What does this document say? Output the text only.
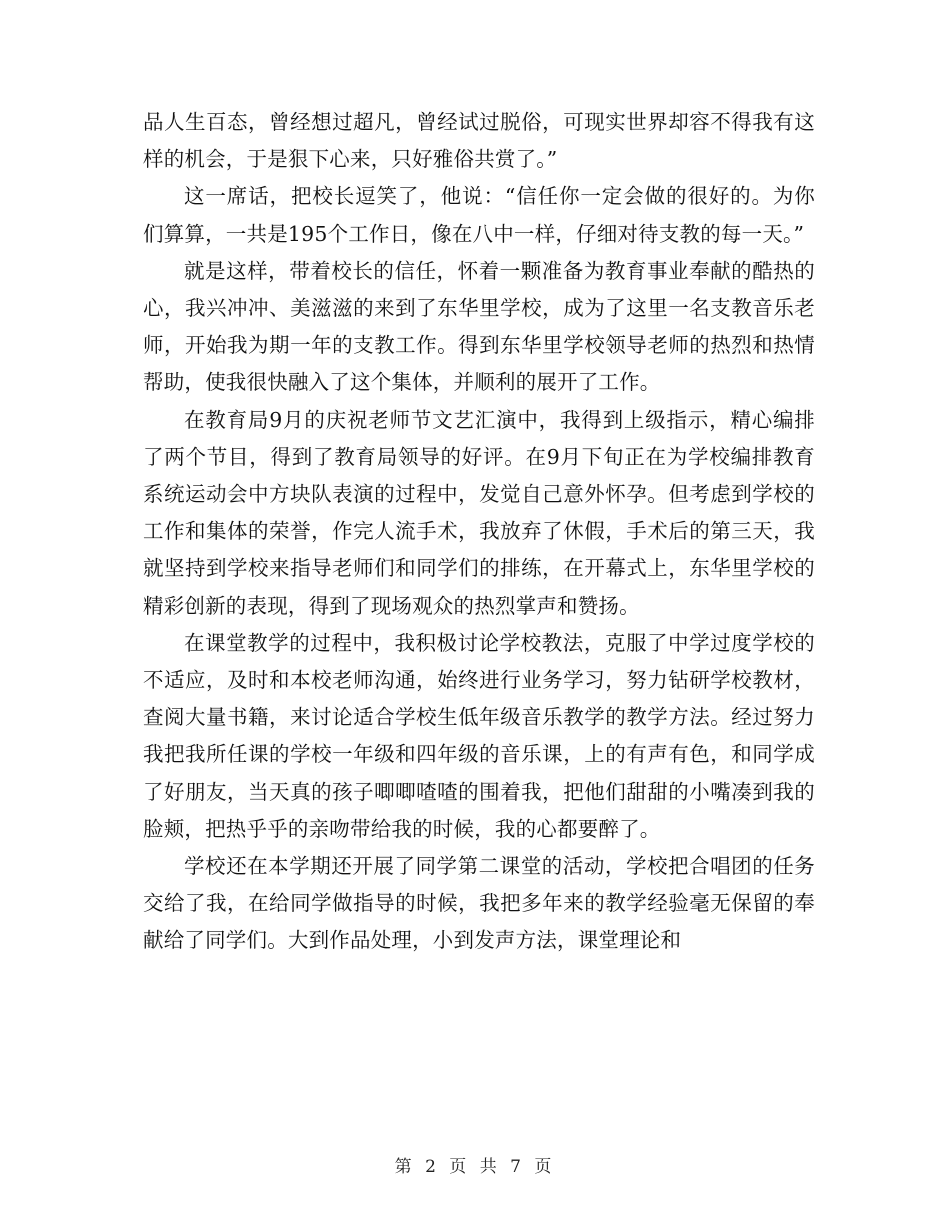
品人生百态，曾经想过超凡，曾经试过脱俗，可现实世界却容不得我有这样的机会，于是狠下心来，只好雅俗共赏了。”

这一席话，把校长逗笑了，他说：“信任你一定会做的很好的。为你们算算，一共是195个工作日，像在八中一样，仔细对待支教的每一天。”

就是这样，带着校长的信任，怀着一颗准备为教育事业奉献的酷热的心，我兴冲冲、美滋滋的来到了东华里学校，成为了这里一名支教音乐老师，开始我为期一年的支教工作。得到东华里学校领导老师的热烈和热情帮助，使我很快融入了这个集体，并顺利的展开了工作。

在教育局9月的庆祝老师节文艺汇演中，我得到上级指示，精心编排了两个节目，得到了教育局领导的好评。在9月下旬正在为学校编排教育系统运动会中方块队表演的过程中，发觉自己意外怀孕。但考虑到学校的工作和集体的荣誉，作完人流手术，我放弃了休假，手术后的第三天，我就坚持到学校来指导老师们和同学们的排练，在开幕式上，东华里学校的精彩创新的表现，得到了现场观众的热烈掌声和赞扬。

在课堂教学的过程中，我积极讨论学校教法，克服了中学过度学校的不适应，及时和本校老师沟通，始终进行业务学习，努力钻研学校教材，查阅大量书籍，来讨论适合学校生低年级音乐教学的教学方法。经过努力我把我所任课的学校一年级和四年级的音乐课，上的有声有色，和同学成了好朋友，当天真的孩子唧唧喳喳的围着我，把他们甜甜的小嘴凑到我的脸颊，把热乎乎的亲吻带给我的时候，我的心都要醉了。

学校还在本学期还开展了同学第二课堂的活动，学校把合唱团的任务交给了我，在给同学做指导的时候，我把多年来的教学经验毫无保留的奉献给了同学们。大到作品处理，小到发声方法，课堂理论和

第 2 页 共 7 页
